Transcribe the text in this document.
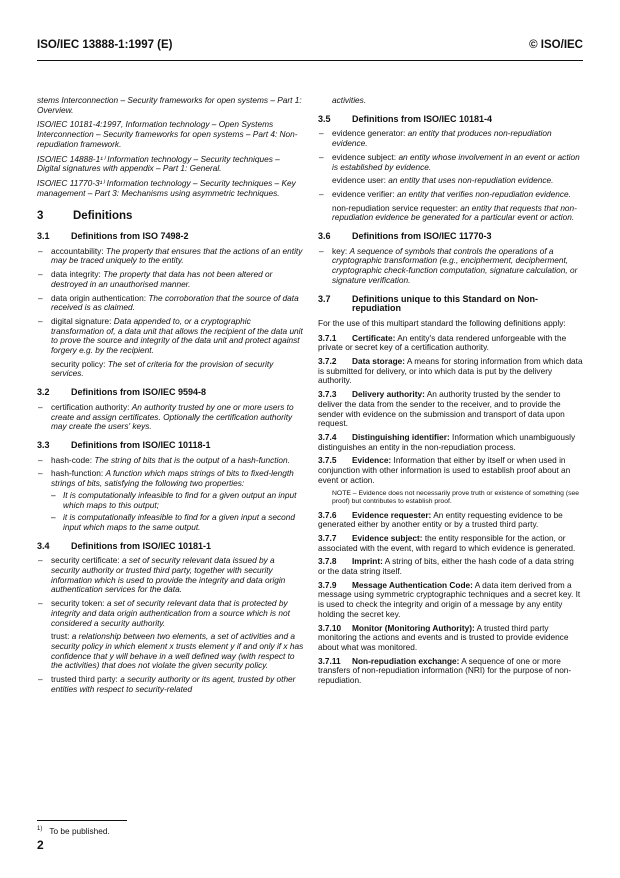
ISO/IEC 13888-1:1997 (E)	© ISO/IEC

stems Interconnection – Security frameworks for open systems – Part 1: Overview.

ISO/IEC 10181-4:1997, Information technology – Open Systems Interconnection – Security frameworks for open systems – Part 4: Non-repudiation framework.

ISO/IEC 14888-1¹⁾ Information technology – Security techniques – Digital signatures with appendix – Part 1: General.

ISO/IEC 11770-3¹⁾ Information technology – Security techniques – Key management – Part 3: Mechanisms using asymmetric techniques.

3	Definitions
3.1	Definitions from ISO 7498-2
– accountability: The property that ensures that the actions of an entity may be traced uniquely to the entity.
– data integrity: The property that data has not been altered or destroyed in an unauthorised manner.
– data origin authentication: The corroboration that the source of data received is as claimed.
– digital signature: Data appended to, or a cryptographic transformation of, a data unit that allows the recipient of the data unit to prove the source and integrity of the data unit and protect against forgery e.g. by the recipient.
security policy: The set of criteria for the provision of security services.
3.2	Definitions from ISO/IEC 9594-8
– certification authority: An authority trusted by one or more users to create and assign certificates. Optionally the certification authority may create the users' keys.
3.3	Definitions from ISO/IEC 10118-1
– hash-code: The string of bits that is the output of a hash-function.
– hash-function: A function which maps strings of bits to fixed-length strings of bits, satisfying the following two properties:
– It is computationally infeasible to find for a given output an input which maps to this output;
– it is computationally infeasible to find for a given input a second input which maps to the same output.
3.4	Definitions from ISO/IEC 10181-1
– security certificate: a set of security relevant data issued by a security authority or trusted third party, together with security information which is used to provide the integrity and data origin authentication services for the data.
– security token: a set of security relevant data that is protected by integrity and data origin authentication from a source which is not considered a security authority.
trust: a relationship between two elements, a set of activities and a security policy in which element x trusts element y if and only if x has confidence that y will behave in a well defined way (with respect to the activities) that does not violate the given security policy.
– trusted third party: a security authority or its agent, trusted by other entities with respect to security-related

activities.

3.5	Definitions from ISO/IEC 10181-4
– evidence generator: an entity that produces non-repudiation evidence.
– evidence subject: an entity whose involvement in an event or action is established by evidence.
evidence user: an entity that uses non-repudiation evidence.
– evidence verifier: an entity that verifies non-repudiation evidence.
non-repudiation service requester: an entity that requests that non-repudiation evidence be generated for a particular event or action.
3.6	Definitions from ISO/IEC 11770-3
– key: A sequence of symbols that controls the operations of a cryptographic transformation (e.g., encipherment, decipherment, cryptographic check-function computation, signature calculation, or signature verification.
3.7	Definitions unique to this Standard on Non-repudiation

For the use of this multipart standard the following definitions apply:

3.7.1 Certificate: An entity's data rendered unforgeable with the private or secret key of a certification authority.
3.7.2 Data storage: A means for storing information from which data is submitted for delivery, or into which data is put by the delivery authority.
3.7.3 Delivery authority: An authority trusted by the sender to deliver the data from the sender to the receiver, and to provide the sender with evidence on the submission and transport of data upon request.
3.7.4 Distinguishing identifier: Information which unambiguously distinguishes an entity in the non-repudiation process.
3.7.5 Evidence: Information that either by itself or when used in conjunction with other information is used to establish proof about an event or action.
NOTE – Evidence does not necessarily prove truth or existence of something (see proof) but contributes to establish proof.
3.7.6 Evidence requester: An entity requesting evidence to be generated either by another entity or by a trusted third party.
3.7.7 Evidence subject: the entity responsible for the action, or associated with the event, with regard to which evidence is generated.
3.7.8 Imprint: A string of bits, either the hash code of a data string or the data string itself.
3.7.9 Message Authentication Code: A data item derived from a message using symmetric cryptographic techniques and a secret key. It is used to check the integrity and origin of a message by any entity holding the secret key.
3.7.10 Monitor (Monitoring Authority): A trusted third party monitoring the actions and events and is trusted to provide evidence about what was monitored.
3.7.11 Non-repudiation exchange: A sequence of one or more transfers of non-repudiation information (NRI) for the purpose of non-repudiation.
$^{1)}$ To be published.
2
